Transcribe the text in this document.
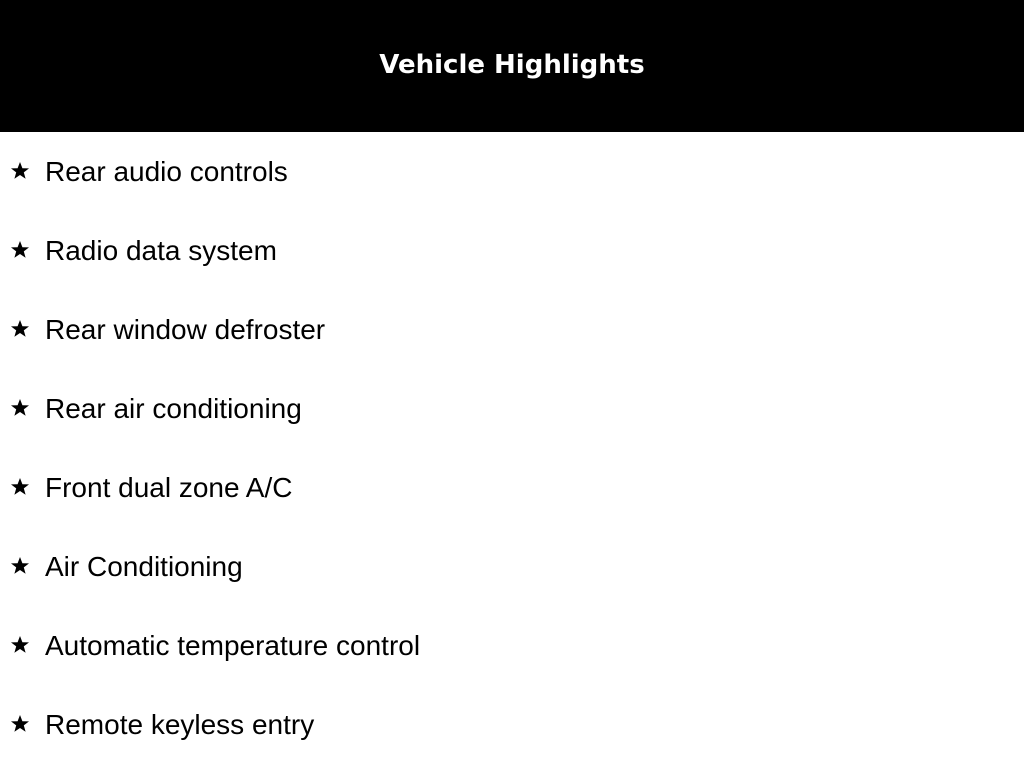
Vehicle Highlights
Rear audio controls
Radio data system
Rear window defroster
Rear air conditioning
Front dual zone A/C
Air Conditioning
Automatic temperature control
Remote keyless entry
